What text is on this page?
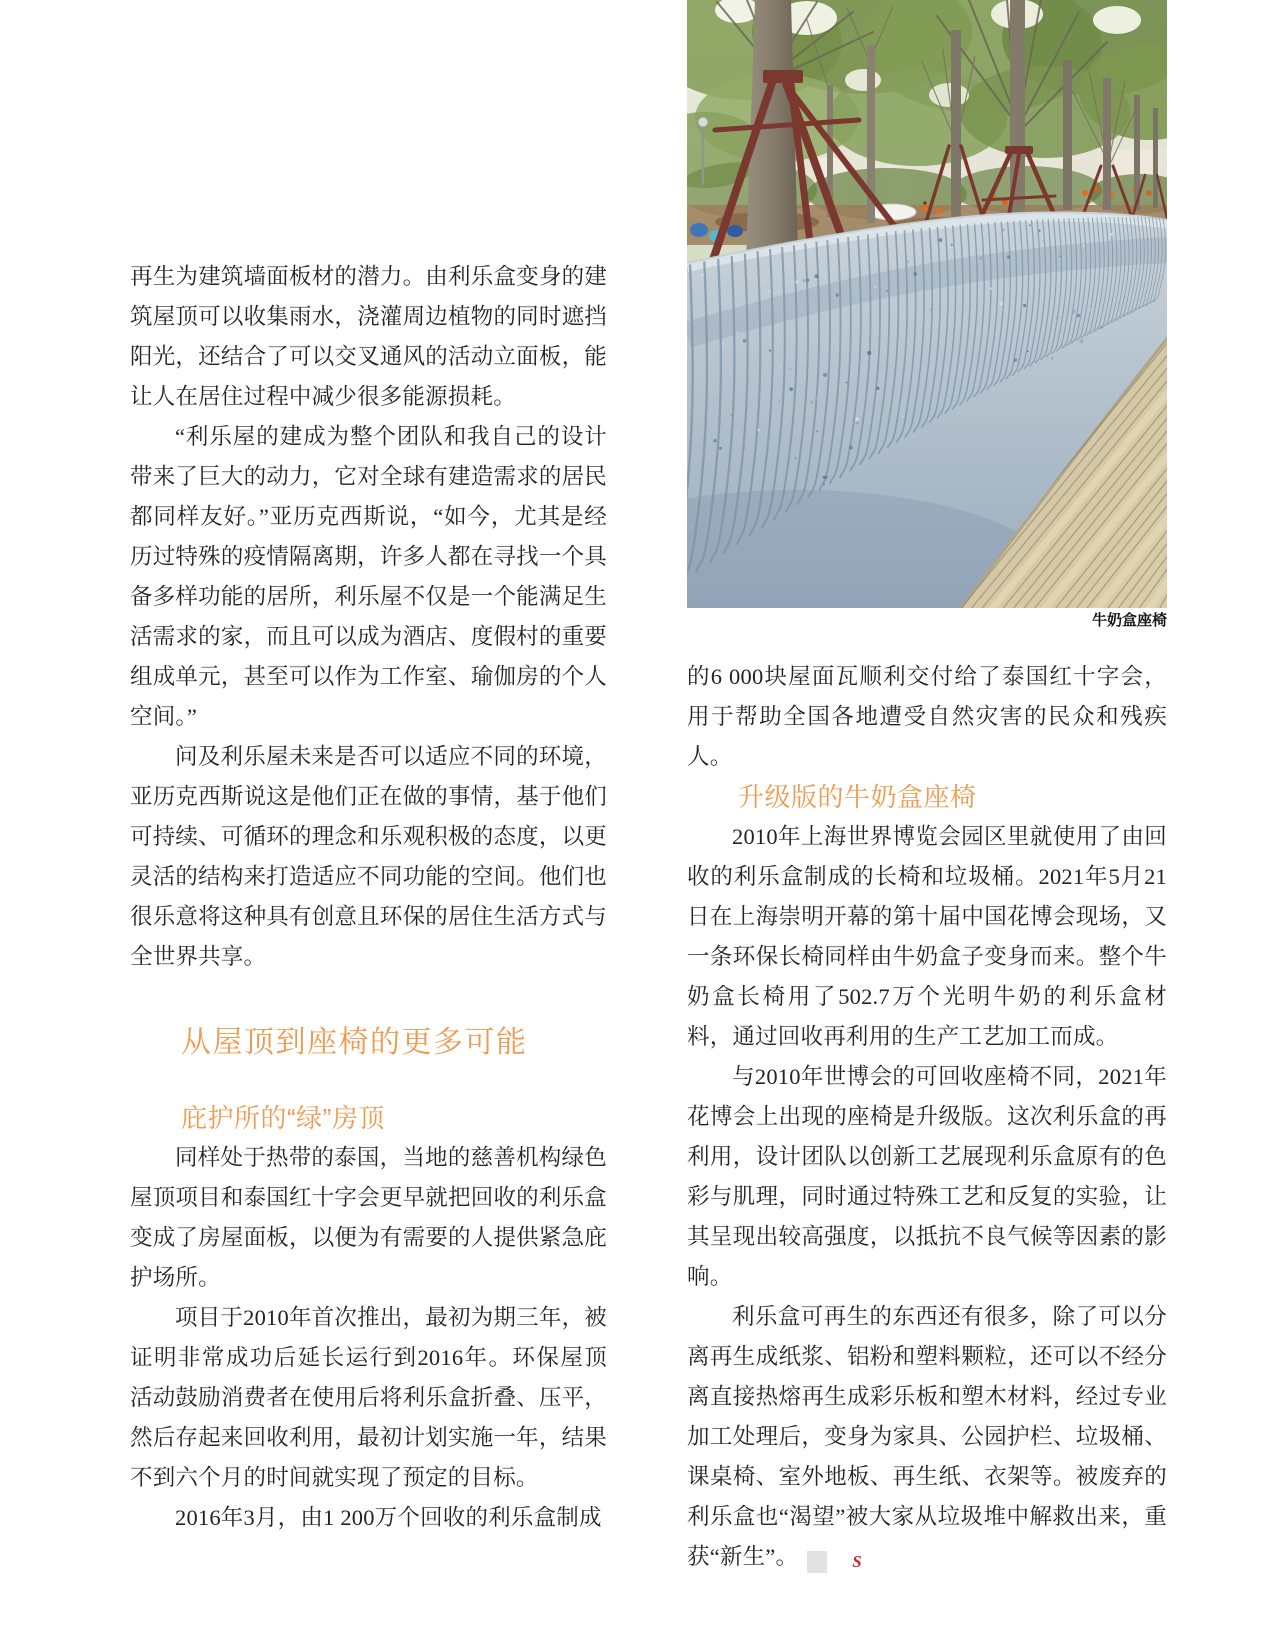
再生为建筑墙面板材的潜力。由利乐盒变身的建筑屋顶可以收集雨水，浇灌周边植物的同时遮挡阳光，还结合了可以交叉通风的活动立面板，能让人在居住过程中减少很多能源损耗。

“利乐屋的建成为整个团队和我自己的设计带来了巨大的动力，它对全球有建造需求的居民都同样友好。”亚历克西斯说，“如今，尤其是经历过特殊的疫情隔离期，许多人都在寻找一个具备多样功能的居所，利乐屋不仅是一个能满足生活需求的家，而且可以成为酒店、度假村的重要组成单元，甚至可以作为工作室、瑜伽房的个人空间。”

问及利乐屋未来是否可以适应不同的环境，亚历克西斯说这是他们正在做的事情，基于他们可持续、可循环的理念和乐观积极的态度，以更灵活的结构来打造适应不同功能的空间。他们也很乐意将这种具有创意且环保的居住生活方式与全世界共享。

从屋顶到座椅的更多可能
庇护所的“绿”房顶

同样处于热带的泰国，当地的慈善机构绿色屋顶项目和泰国红十字会更早就把回收的利乐盒变成了房屋面板，以便为有需要的人提供紧急庇护场所。

项目于2010年首次推出，最初为期三年，被证明非常成功后延长运行到2016年。环保屋顶活动鼓励消费者在使用后将利乐盒折叠、压平，然后存起来回收利用，最初计划实施一年，结果不到六个月的时间就实现了预定的目标。

2016年3月，由1 200万个回收的利乐盒制成

牛奶盒座椅

的6 000块屋面瓦顺利交付给了泰国红十字会，用于帮助全国各地遭受自然灾害的民众和残疾人。

升级版的牛奶盒座椅

2010年上海世界博览会园区里就使用了由回收的利乐盒制成的长椅和垃圾桶。2021年5月21日在上海崇明开幕的第十届中国花博会现场，又一条环保长椅同样由牛奶盒子变身而来。整个牛奶盒长椅用了502.7万个光明牛奶的利乐盒材料，通过回收再利用的生产工艺加工而成。

与2010年世博会的可回收座椅不同，2021年花博会上出现的座椅是升级版。这次利乐盒的再利用，设计团队以创新工艺展现利乐盒原有的色彩与肌理，同时通过特殊工艺和反复的实验，让其呈现出较高强度，以抵抗不良气候等因素的影响。

利乐盒可再生的东西还有很多，除了可以分离再生成纸浆、铝粉和塑料颗粒，还可以不经分离直接热熔再生成彩乐板和塑木材料，经过专业加工处理后，变身为家具、公园护栏、垃圾桶、课桌椅、室外地板、再生纸、衣架等。被废弃的利乐盒也“渴望”被大家从垃圾堆中解救出来，重获“新生”。	S
